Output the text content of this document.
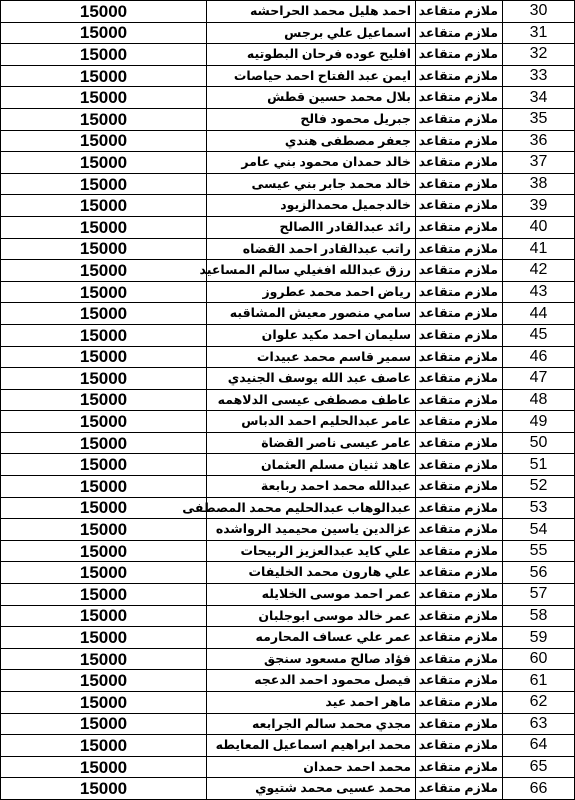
15000	احمد هليل محمد الحراحشه	ملازم متقاعد	30
15000	اسماعيل علي برجس	ملازم متقاعد	31
15000	افليح عوده فرحان البطوتيه	ملازم متقاعد	32
15000	ايمن عبد الفتاح احمد حياصات	ملازم متقاعد	33
15000	بلال محمد حسين قطش	ملازم متقاعد	34
15000	جبريل محمود فالح	ملازم متقاعد	35
15000	جعفر مصطفى هندي	ملازم متقاعد	36
15000	خالد حمدان محمود بني عامر	ملازم متقاعد	37
15000	خالد محمد جابر بني عيسى	ملازم متقاعد	38
15000	خالدجميل محمدالزيود	ملازم متقاعد	39
15000	رائد عبدالقادر االصالح	ملازم متقاعد	40
15000	راتب عبدالقادر احمد القضاه	ملازم متقاعد	41
15000	رزق عبدالله افغيلي سالم المساعيد	ملازم متقاعد	42
15000	رياض احمد محمد عطروز	ملازم متقاعد	43
15000	سامي منصور معيش المشاقبه	ملازم متقاعد	44
15000	سليمان احمد مكيد علوان	ملازم متقاعد	45
15000	سمير قاسم محمد عبيدات	ملازم متقاعد	46
15000	عاصف عبد الله يوسف الجنيدي	ملازم متقاعد	47
15000	عاطف مصطفى عيسى الدلاهمه	ملازم متقاعد	48
15000	عامر عبدالحليم احمد الدباس	ملازم متقاعد	49
15000	عامر عيسى ناصر القضاة	ملازم متقاعد	50
15000	عاهد ثنيان مسلم العثمان	ملازم متقاعد	51
15000	عبدالله محمد احمد ربابعة	ملازم متقاعد	52
15000	عبدالوهاب عبدالحليم محمد المصطفى	ملازم متقاعد	53
15000	عزالدين ياسين محيميد الرواشده	ملازم متقاعد	54
15000	علي كايد عبدالعزيز الربيحات	ملازم متقاعد	55
15000	علي هارون محمد الخليفات	ملازم متقاعد	56
15000	عمر احمد موسى الخلايله	ملازم متقاعد	57
15000	عمر خالد موسى ابوجلبان	ملازم متقاعد	58
15000	عمر علي عساف المحارمه	ملازم متقاعد	59
15000	فؤاد صالح مسعود سنجق	ملازم متقاعد	60
15000	فيصل محمود احمد الدعجه	ملازم متقاعد	61
15000	ماهر احمد عيد	ملازم متقاعد	62
15000	مجدي محمد سالم الجرابعه	ملازم متقاعد	63
15000	محمد ابراهيم اسماعيل المعايطه	ملازم متقاعد	64
15000	محمد احمد حمدان	ملازم متقاعد	65
15000	محمد عسيى محمد شتيوي	ملازم متقاعد	66
